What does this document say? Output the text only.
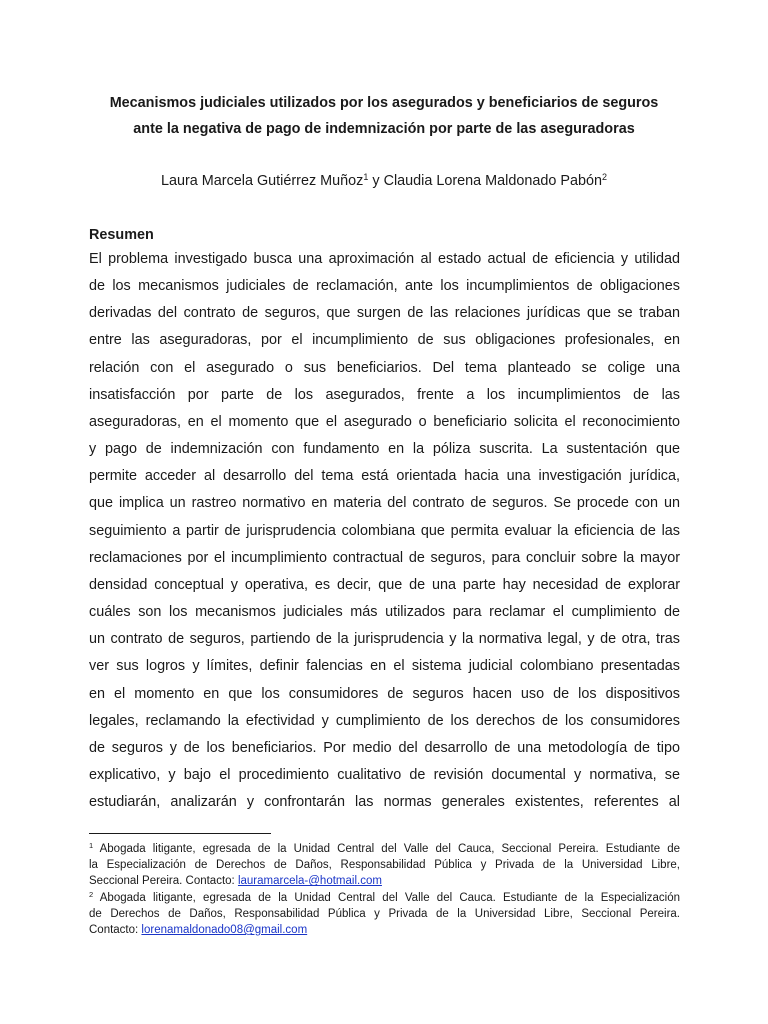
Mecanismos judiciales utilizados por los asegurados y beneficiarios de seguros
ante la negativa de pago de indemnización por parte de las aseguradoras
Laura Marcela Gutiérrez Muñoz$^1$ y Claudia Lorena Maldonado Pabón$^2$
Resumen
El problema investigado busca una aproximación al estado actual de eficiencia y utilidad
de los mecanismos judiciales de reclamación, ante los incumplimientos de obligaciones
derivadas del contrato de seguros, que surgen de las relaciones jurídicas que se traban
entre las aseguradoras, por el incumplimiento de sus obligaciones profesionales, en
relación con el asegurado o sus beneficiarios. Del tema planteado se colige una
insatisfacción por parte de los asegurados, frente a los incumplimientos de las
aseguradoras, en el momento que el asegurado o beneficiario solicita el reconocimiento
y pago de indemnización con fundamento en la póliza suscrita. La sustentación que
permite acceder al desarrollo del tema está orientada hacia una investigación jurídica,
que implica un rastreo normativo en materia del contrato de seguros. Se procede con un
seguimiento a partir de jurisprudencia colombiana que permita evaluar la eficiencia de las
reclamaciones por el incumplimiento contractual de seguros, para concluir sobre la mayor
densidad conceptual y operativa, es decir, que de una parte hay necesidad de explorar
cuáles son los mecanismos judiciales más utilizados para reclamar el cumplimiento de
un contrato de seguros, partiendo de la jurisprudencia y la normativa legal, y de otra, tras
ver sus logros y límites, definir falencias en el sistema judicial colombiano presentadas
en el momento en que los consumidores de seguros hacen uso de los dispositivos
legales, reclamando la efectividad y cumplimiento de los derechos de los consumidores
de seguros y de los beneficiarios. Por medio del desarrollo de una metodología de tipo
explicativo, y bajo el procedimiento cualitativo de revisión documental y normativa, se
estudiarán, analizarán y confrontarán las normas generales existentes, referentes al
$^1$ Abogada litigante, egresada de la Unidad Central del Valle del Cauca, Seccional Pereira. Estudiante de
la Especialización de Derechos de Daños, Responsabilidad Pública y Privada de la Universidad Libre,
Seccional Pereira. Contacto: lauramarcela-@hotmail.com
$^2$ Abogada litigante, egresada de la Unidad Central del Valle del Cauca. Estudiante de la Especialización
de Derechos de Daños, Responsabilidad Pública y Privada de la Universidad Libre, Seccional Pereira.
Contacto: lorenamaldonado08@gmail.com
